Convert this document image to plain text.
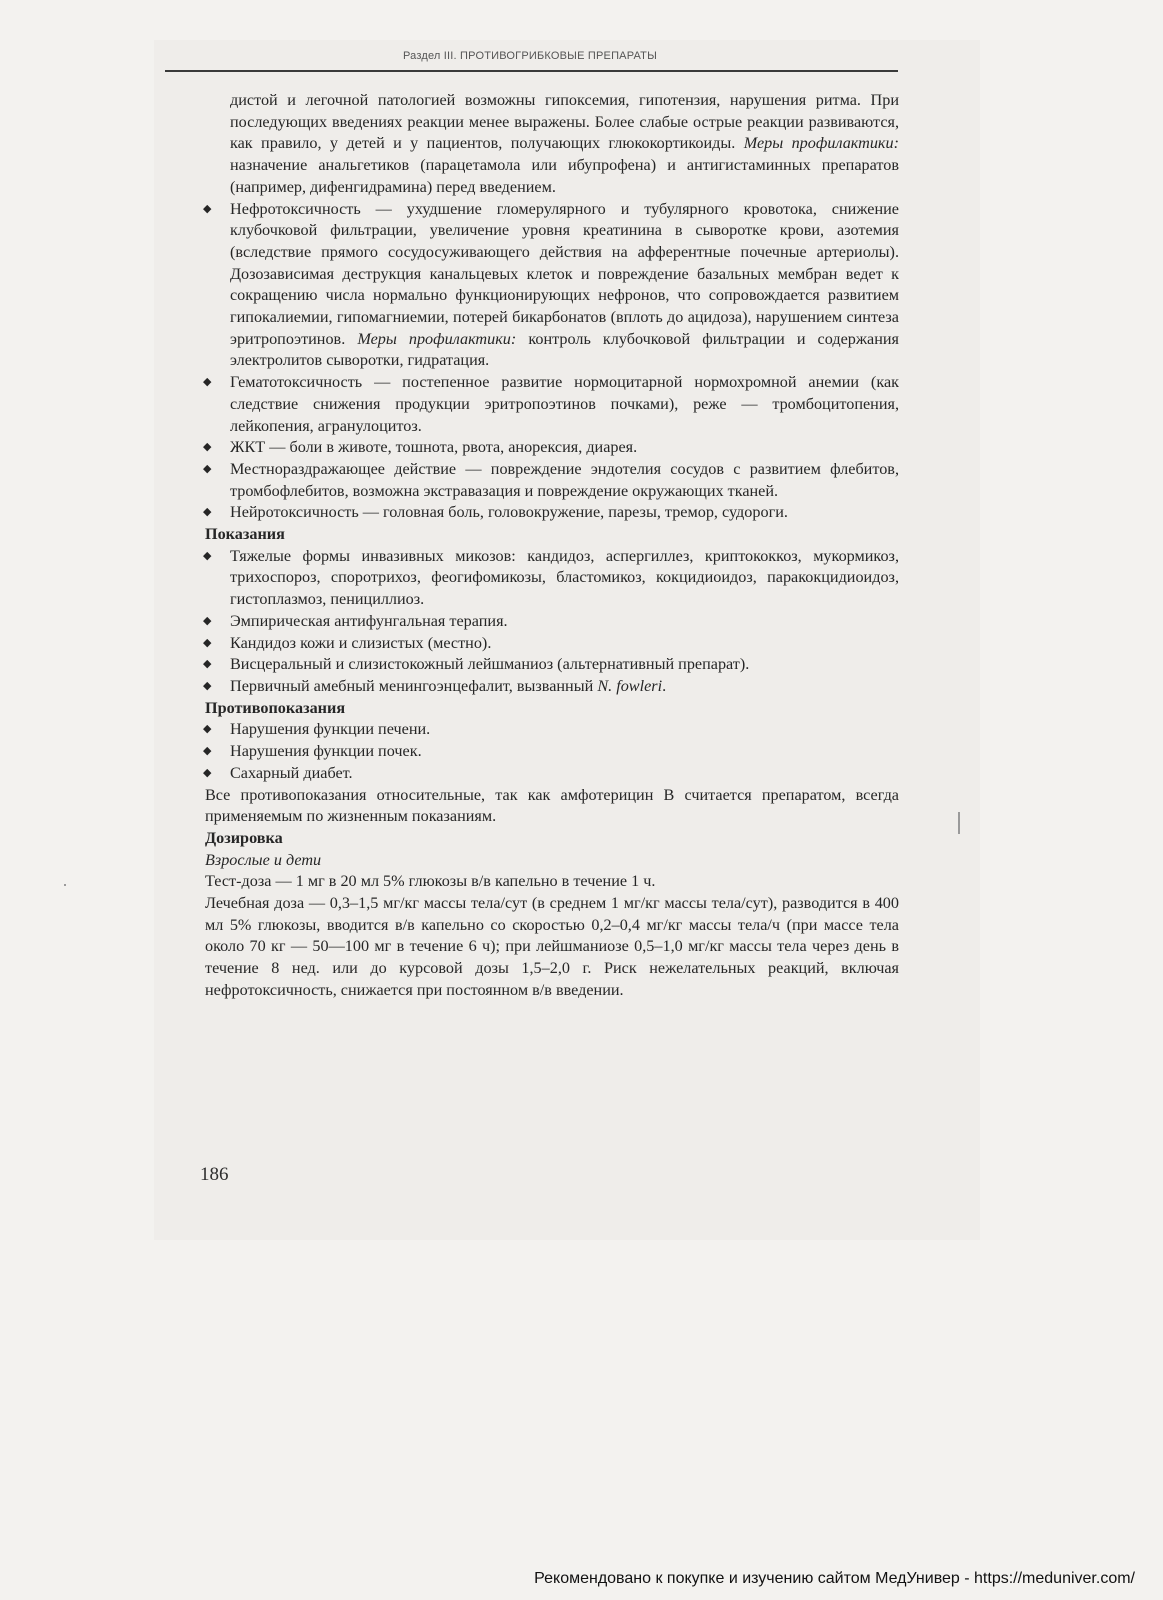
Раздел III. ПРОТИВОГРИБКОВЫЕ ПРЕПАРАТЫ

дистой и легочной патологией возможны гипоксемия, гипотензия, нарушения ритма. При последующих введениях реакции менее выражены. Более слабые острые реакции развиваются, как правило, у детей и у пациентов, получающих глюкокортикоиды. Меры профилактики: назначение анальгетиков (парацетамола или ибупрофена) и антигистаминных препаратов (например, дифенгидрамина) перед введением.

◆ Нефротоксичность — ухудшение гломерулярного и тубулярного кровотока, снижение клубочковой фильтрации, увеличение уровня креатинина в сыворотке крови, азотемия (вследствие прямого сосудосуживающего действия на афферентные почечные артериолы). Дозозависимая деструкция канальцевых клеток и повреждение базальных мембран ведет к сокращению числа нормально функционирующих нефронов, что сопровождается развитием гипокалиемии, гипомагниемии, потерей бикарбонатов (вплоть до ацидоза), нарушением синтеза эритропоэтинов. Меры профилактики: контроль клубочковой фильтрации и содержания электролитов сыворотки, гидратация.
◆ Гематотоксичность — постепенное развитие нормоцитарной нормохромной анемии (как следствие снижения продукции эритропоэтинов почками), реже — тромбоцитопения, лейкопения, агранулоцитоз.
◆ ЖКТ — боли в животе, тошнота, рвота, анорексия, диарея.
◆ Местнораздражающее действие — повреждение эндотелия сосудов с развитием флебитов, тромбофлебитов, возможна экстравазация и повреждение окружающих тканей.
◆ Нейротоксичность — головная боль, головокружение, парезы, тремор, судороги.

Показания

◆ Тяжелые формы инвазивных микозов: кандидоз, аспергиллез, криптококкоз, мукормикоз, трихоспороз, споротрихоз, феогифомикозы, бластомикоз, кокцидиоидоз, паракокцидиоидоз, гистоплазмоз, пенициллиоз.
◆ Эмпирическая антифунгальная терапия.
◆ Кандидоз кожи и слизистых (местно).
◆ Висцеральный и слизистокожный лейшманиоз (альтернативный препарат).
◆ Первичный амебный менингоэнцефалит, вызванный N. fowleri.

Противопоказания

◆ Нарушения функции печени.
◆ Нарушения функции почек.
◆ Сахарный диабет.

Все противопоказания относительные, так как амфотерицин В считается препаратом, всегда применяемым по жизненным показаниям.

Дозировка

Взрослые и дети

Тест-доза — 1 мг в 20 мл 5% глюкозы в/в капельно в течение 1 ч.

Лечебная доза — 0,3–1,5 мг/кг массы тела/сут (в среднем 1 мг/кг массы тела/сут), разводится в 400 мл 5% глюкозы, вводится в/в капельно со скоростью 0,2–0,4 мг/кг массы тела/ч (при массе тела около 70 кг — 50—100 мг в течение 6 ч); при лейшманиозе 0,5–1,0 мг/кг массы тела через день в течение 8 нед. или до курсовой дозы 1,5–2,0 г. Риск нежелательных реакций, включая нефротоксичность, снижается при постоянном в/в введении.

186
Рекомендовано к покупке и изучению сайтом МедУнивер - https://meduniver.com/
